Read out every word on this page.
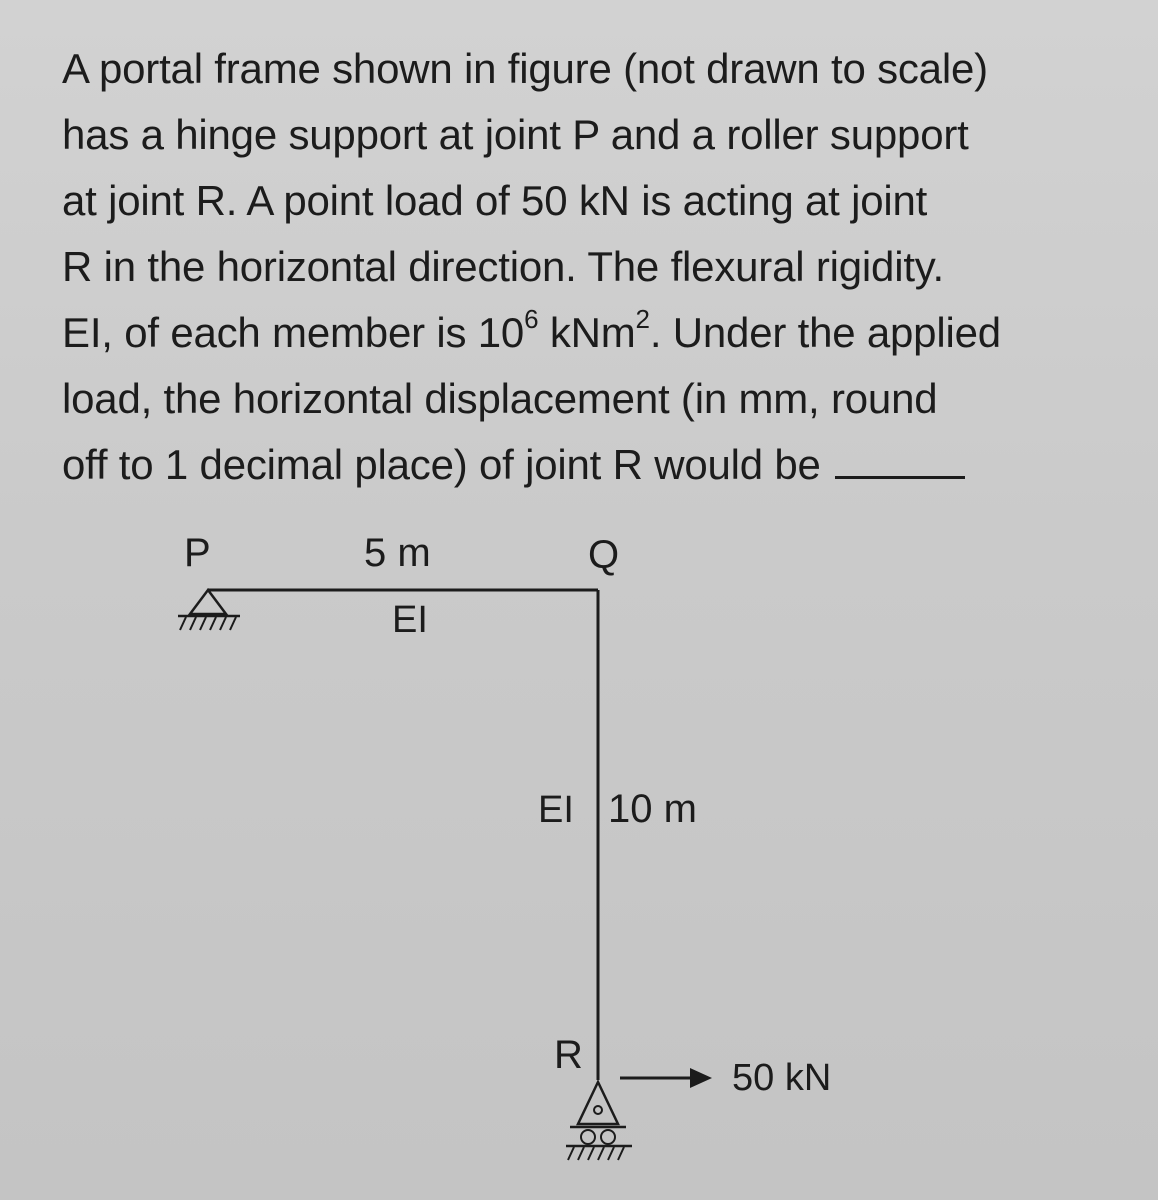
A portal frame shown in figure (not drawn to scale)
has a hinge support at joint P and a roller support
at joint R. A point load of 50 kN is acting at joint
R in the horizontal direction. The flexural rigidity.
EI, of each member is $10^6$ kNm$^2$. Under the applied
load, the horizontal displacement (in mm, round
off to 1 decimal place) of joint R would be

P	5 m	Q
EI
EI 10 m
R
50 kN
